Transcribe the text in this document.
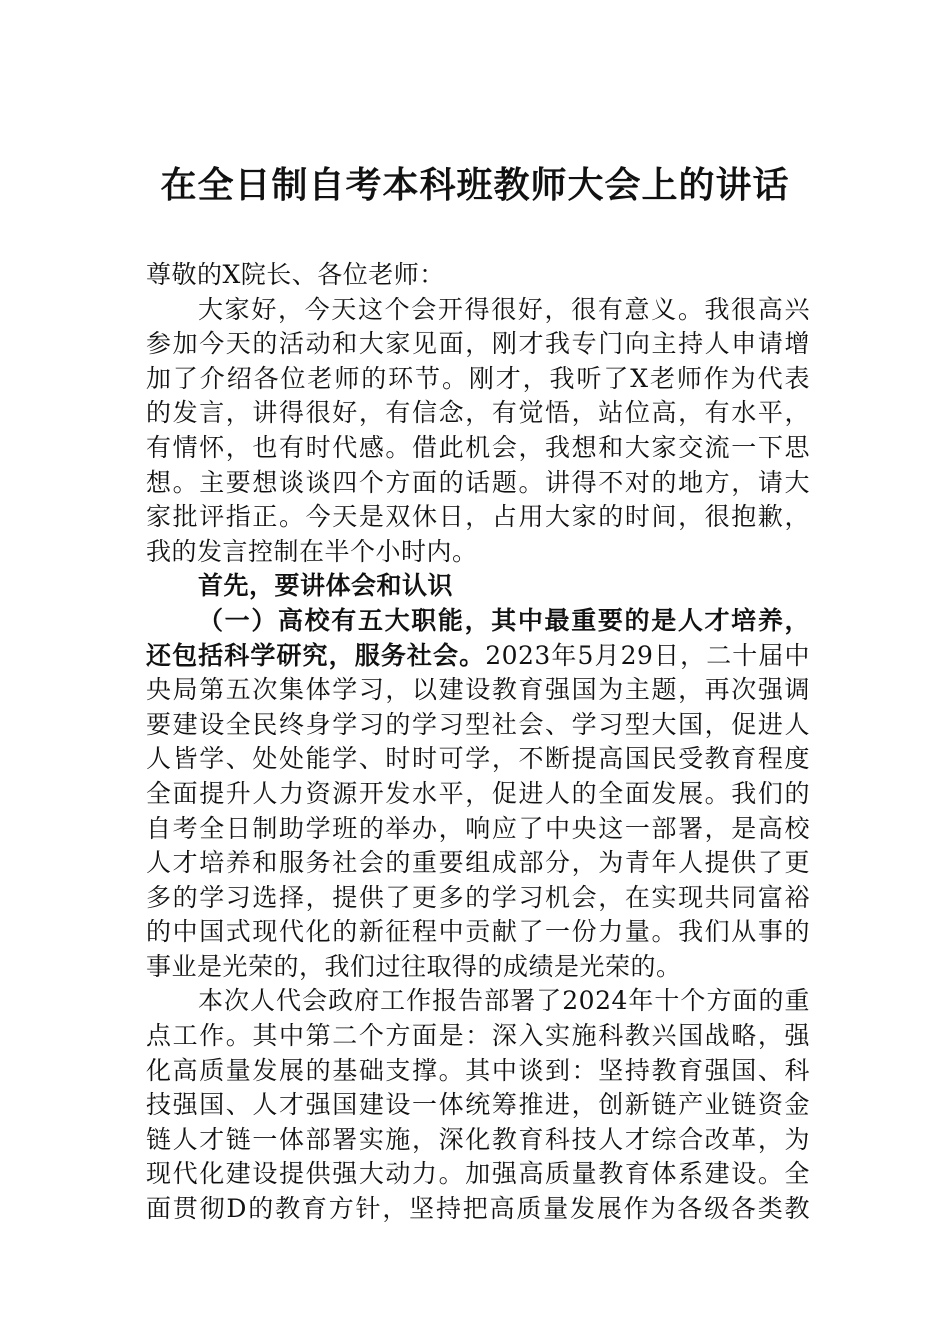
在全日制自考本科班教师大会上的讲话
尊敬的X院长、各位老师：
大家好，今天这个会开得很好，很有意义。我很高兴
参加今天的活动和大家见面，刚才我专门向主持人申请增
加了介绍各位老师的环节。刚才，我听了X老师作为代表
的发言，讲得很好，有信念，有觉悟，站位高，有水平，
有情怀，也有时代感。借此机会，我想和大家交流一下思
想。主要想谈谈四个方面的话题。讲得不对的地方，请大
家批评指正。今天是双休日，占用大家的时间，很抱歉，
我的发言控制在半个小时内。
首先，要讲体会和认识
（一）高校有五大职能，其中最重要的是人才培养，
还包括科学研究，服务社会。2023年5月29日，二十届中
央局第五次集体学习，以建设教育强国为主题，再次强调
要建设全民终身学习的学习型社会、学习型大国，促进人
人皆学、处处能学、时时可学，不断提高国民受教育程度
全面提升人力资源开发水平，促进人的全面发展。我们的
自考全日制助学班的举办，响应了中央这一部署，是高校
人才培养和服务社会的重要组成部分，为青年人提供了更
多的学习选择，提供了更多的学习机会，在实现共同富裕
的中国式现代化的新征程中贡献了一份力量。我们从事的
事业是光荣的，我们过往取得的成绩是光荣的。
本次人代会政府工作报告部署了2024年十个方面的重
点工作。其中第二个方面是：深入实施科教兴国战略，强
化高质量发展的基础支撑。其中谈到：坚持教育强国、科
技强国、人才强国建设一体统筹推进，创新链产业链资金
链人才链一体部署实施，深化教育科技人才综合改革，为
现代化建设提供强大动力。加强高质量教育体系建设。全
面贯彻D的教育方针，坚持把高质量发展作为各级各类教
